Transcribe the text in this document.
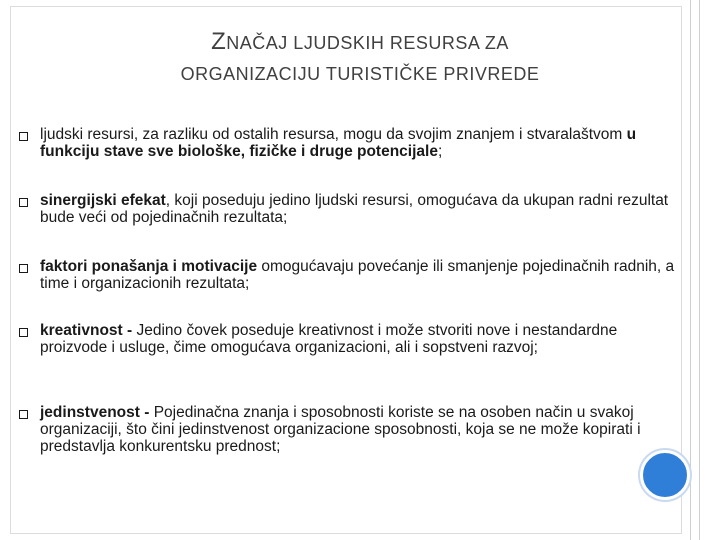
ZNAČAJ LJUDSKIH RESURSA ZA
ORGANIZACIJU TURISTIČKE PRIVREDE
ljudski resursi, za razliku od ostalih resursa, mogu da svojim znanjem i stvaralaštvom u funkciju stave sve biološke, fizičke i druge potencijale;
sinergijski efekat, koji poseduju jedino ljudski resursi, omogućava da ukupan radni rezultat bude veći od pojedinačnih rezultata;
faktori ponašanja i motivacije omogućavaju povećanje ili smanjenje pojedinačnih radnih, a time i organizacionih rezultata;
kreativnost - Jedino čovek poseduje kreativnost i može stvoriti nove i nestandardne proizvode i usluge, čime omogućava organizacioni, ali i sopstveni razvoj;
jedinstvenost - Pojedinačna znanja i sposobnosti koriste se na osoben način u svakoj organizaciji, što čini jedinstvenost organizacione sposobnosti, koja se ne može kopirati i predstavlja konkurentsku prednost;
